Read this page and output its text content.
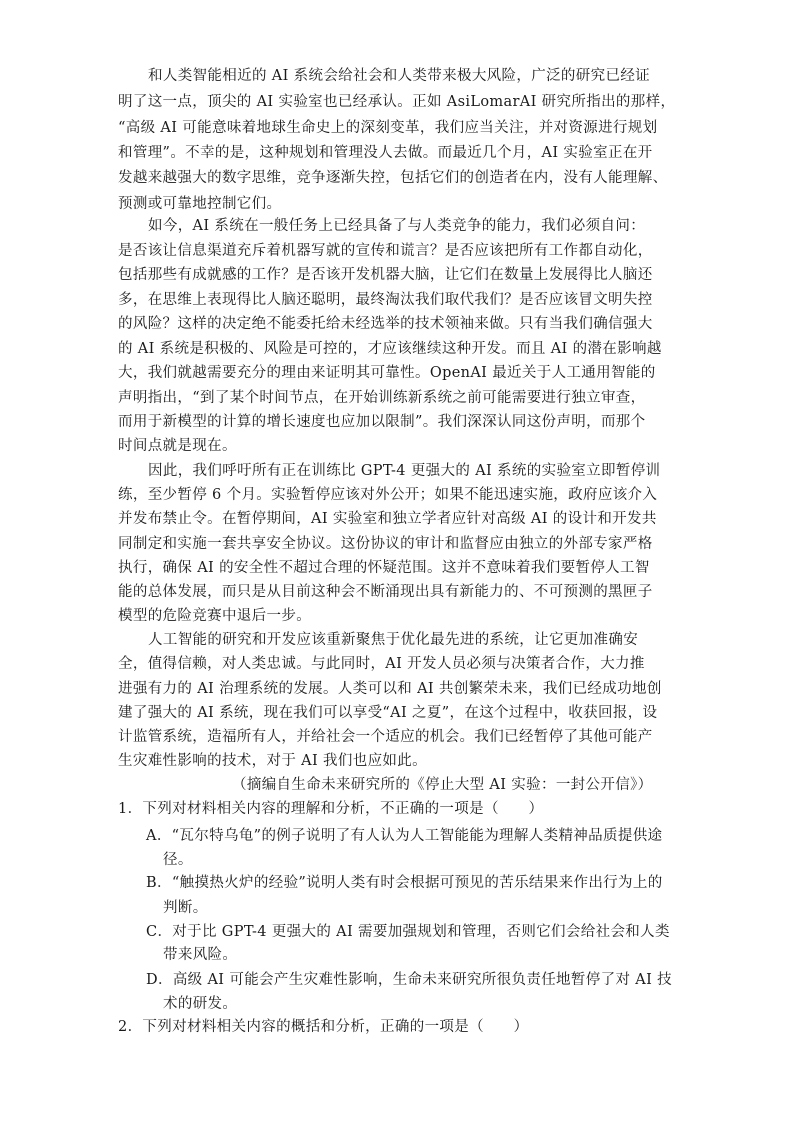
和人类智能相近的 AI 系统会给社会和人类带来极大风险，广泛的研究已经证
明了这一点，顶尖的 AI 实验室也已经承认。正如 AsiLomarAI 研究所指出的那样，
“高级 AI 可能意味着地球生命史上的深刻变革，我们应当关注，并对资源进行规划
和管理”。不幸的是，这种规划和管理没人去做。而最近几个月，AI 实验室正在开
发越来越强大的数字思维，竞争逐渐失控，包括它们的创造者在内，没有人能理解、
预测或可靠地控制它们。
如今，AI 系统在一般任务上已经具备了与人类竞争的能力，我们必须自问：
是否该让信息渠道充斥着机器写就的宣传和谎言？是否应该把所有工作都自动化，
包括那些有成就感的工作？是否该开发机器大脑，让它们在数量上发展得比人脑还
多，在思维上表现得比人脑还聪明，最终淘汰我们取代我们？是否应该冒文明失控
的风险？这样的决定绝不能委托给未经选举的技术领袖来做。只有当我们确信强大
的 AI 系统是积极的、风险是可控的，才应该继续这种开发。而且 AI 的潜在影响越
大，我们就越需要充分的理由来证明其可靠性。OpenAI 最近关于人工通用智能的
声明指出，“到了某个时间节点，在开始训练新系统之前可能需要进行独立审查，
而用于新模型的计算的增长速度也应加以限制”。我们深深认同这份声明，而那个
时间点就是现在。
因此，我们呼吁所有正在训练比 GPT-4 更强大的 AI 系统的实验室立即暂停训
练，至少暂停 6 个月。实验暂停应该对外公开；如果不能迅速实施，政府应该介入
并发布禁止令。在暂停期间，AI 实验室和独立学者应针对高级 AI 的设计和开发共
同制定和实施一套共享安全协议。这份协议的审计和监督应由独立的外部专家严格
执行，确保 AI 的安全性不超过合理的怀疑范围。这并不意味着我们要暂停人工智
能的总体发展，而只是从目前这种会不断涌现出具有新能力的、不可预测的黑匣子
模型的危险竞赛中退后一步。
人工智能的研究和开发应该重新聚焦于优化最先进的系统，让它更加准确安
全，值得信赖，对人类忠诚。与此同时，AI 开发人员必须与决策者合作，大力推
进强有力的 AI 治理系统的发展。人类可以和 AI 共创繁荣未来，我们已经成功地创
建了强大的 AI 系统，现在我们可以享受“AI 之夏”，在这个过程中，收获回报，设
计监管系统，造福所有人，并给社会一个适应的机会。我们已经暂停了其他可能产
生灾难性影响的技术，对于 AI 我们也应如此。
（摘编自生命未来研究所的《停止大型 AI 实验：一封公开信》）
1．下列对材料相关内容的理解和分析，不正确的一项是（　　）
A．“瓦尔特乌龟”的例子说明了有人认为人工智能能为理解人类精神品质提供途
径。
B．“触摸热火炉的经验”说明人类有时会根据可预见的苦乐结果来作出行为上的
判断。
C．对于比 GPT-4 更强大的 AI 需要加强规划和管理，否则它们会给社会和人类
带来风险。
D．高级 AI 可能会产生灾难性影响，生命未来研究所很负责任地暂停了对 AI 技
术的研发。
2．下列对材料相关内容的概括和分析，正确的一项是（　　）
